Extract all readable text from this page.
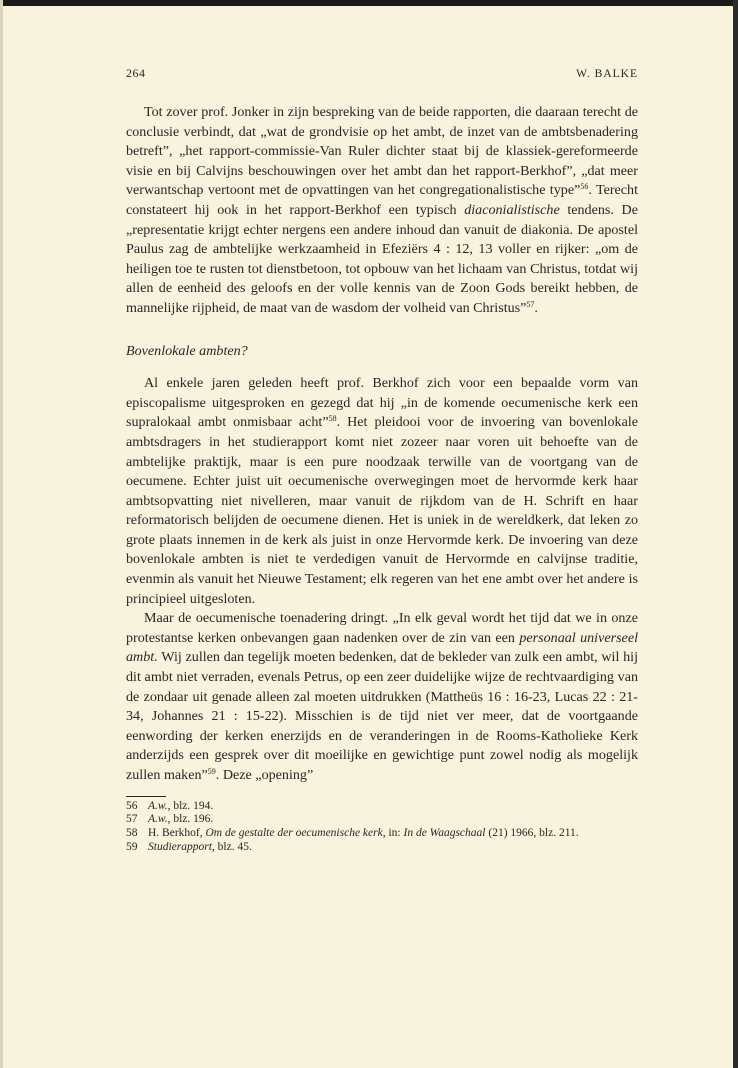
264	W. BALKE

Tot zover prof. Jonker in zijn bespreking van de beide rapporten, die daaraan terecht de conclusie verbindt, dat „wat de grondvisie op het ambt, de inzet van de ambtsbenadering betreft”, „het rapport-commissie-Van Ruler dichter staat bij de klassiek-gereformeerde visie en bij Calvijns beschouwingen over het ambt dan het rapport-Berkhof”, „dat meer verwantschap vertoont met de opvattingen van het congregationalistische type”$^{56}$. Terecht constateert hij ook in het rapport-Berkhof een typisch diaconialistische tendens. De „representatie krijgt echter nergens een andere inhoud dan vanuit de diakonia. De apostel Paulus zag de ambtelijke werkzaamheid in Efeziërs 4 : 12, 13 voller en rijker: „om de heiligen toe te rusten tot dienstbetoon, tot opbouw van het lichaam van Christus, totdat wij allen de eenheid des geloofs en der volle kennis van de Zoon Gods bereikt hebben, de mannelijke rijpheid, de maat van de wasdom der volheid van Christus”$^{57}$.

Bovenlokale ambten?

Al enkele jaren geleden heeft prof. Berkhof zich voor een bepaalde vorm van episcopalisme uitgesproken en gezegd dat hij „in de komende oecumenische kerk een supralokaal ambt onmisbaar acht”$^{58}$. Het pleidooi voor de invoering van bovenlokale ambtsdragers in het studierapport komt niet zozeer naar voren uit behoefte van de ambtelijke praktijk, maar is een pure noodzaak terwille van de voortgang van de oecumene. Echter juist uit oecumenische overwegingen moet de hervormde kerk haar ambtsopvatting niet nivelleren, maar vanuit de rijkdom van de H. Schrift en haar reformatorisch belijden de oecumene dienen. Het is uniek in de wereldkerk, dat leken zo grote plaats innemen in de kerk als juist in onze Hervormde kerk. De invoering van deze bovenlokale ambten is niet te verdedigen vanuit de Hervormde en calvijnse traditie, evenmin als vanuit het Nieuwe Testament; elk regeren van het ene ambt over het andere is principieel uitgesloten.

Maar de oecumenische toenadering dringt. „In elk geval wordt het tijd dat we in onze protestantse kerken onbevangen gaan nadenken over de zin van een personaal universeel ambt. Wij zullen dan tegelijk moeten bedenken, dat de bekleder van zulk een ambt, wil hij dit ambt niet verraden, evenals Petrus, op een zeer duidelijke wijze de rechtvaardiging van de zondaar uit genade alleen zal moeten uitdrukken (Mattheüs 16 : 16-23, Lucas 22 : 21-34, Johannes 21 : 15-22). Misschien is de tijd niet ver meer, dat de voortgaande eenwording der kerken enerzijds en de veranderingen in de Rooms-Katholieke Kerk anderzijds een gesprek over dit moeilijke en gewichtige punt zowel nodig als mogelijk zullen maken”$^{59}$. Deze „opening”

56 A.w., blz. 194.
57 A.w., blz. 196.
58 H. Berkhof, Om de gestalte der oecumenische kerk, in: In de Waagschaal (21) 1966, blz. 211.
59 Studierapport, blz. 45.
